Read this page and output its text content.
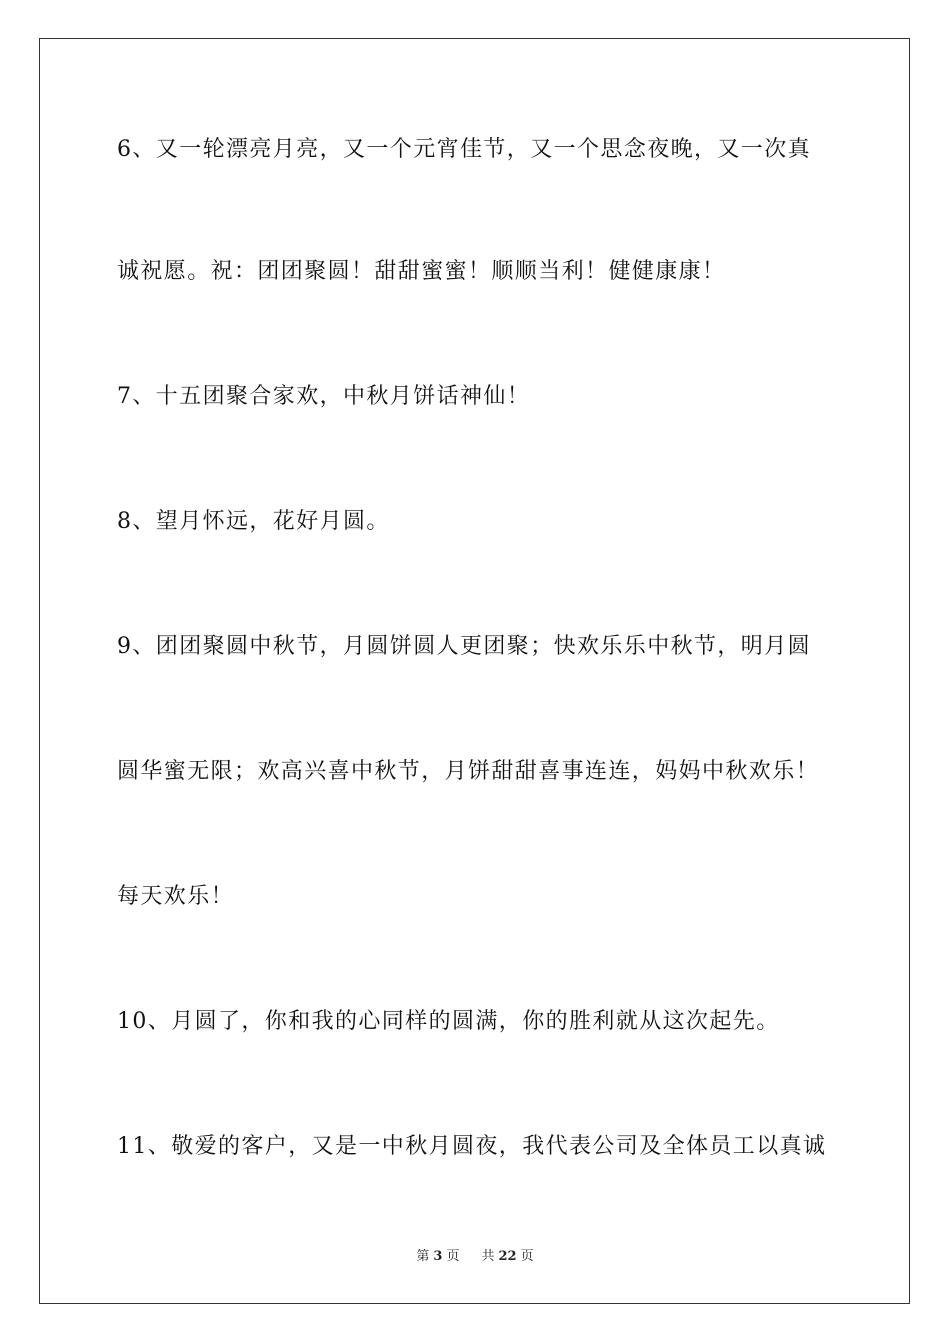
6、又一轮漂亮月亮，又一个元宵佳节，又一个思念夜晚，又一次真
诚祝愿。祝：团团聚圆！甜甜蜜蜜！顺顺当利！健健康康！
7、十五团聚合家欢，中秋月饼话神仙！
8、望月怀远，花好月圆。
9、团团聚圆中秋节，月圆饼圆人更团聚；快欢乐乐中秋节，明月圆
圆华蜜无限；欢高兴喜中秋节，月饼甜甜喜事连连，妈妈中秋欢乐！
每天欢乐！
10、月圆了，你和我的心同样的圆满，你的胜利就从这次起先。
11、敬爱的客户，又是一中秋月圆夜，我代表公司及全体员工以真诚
第 3 页 共 22 页
